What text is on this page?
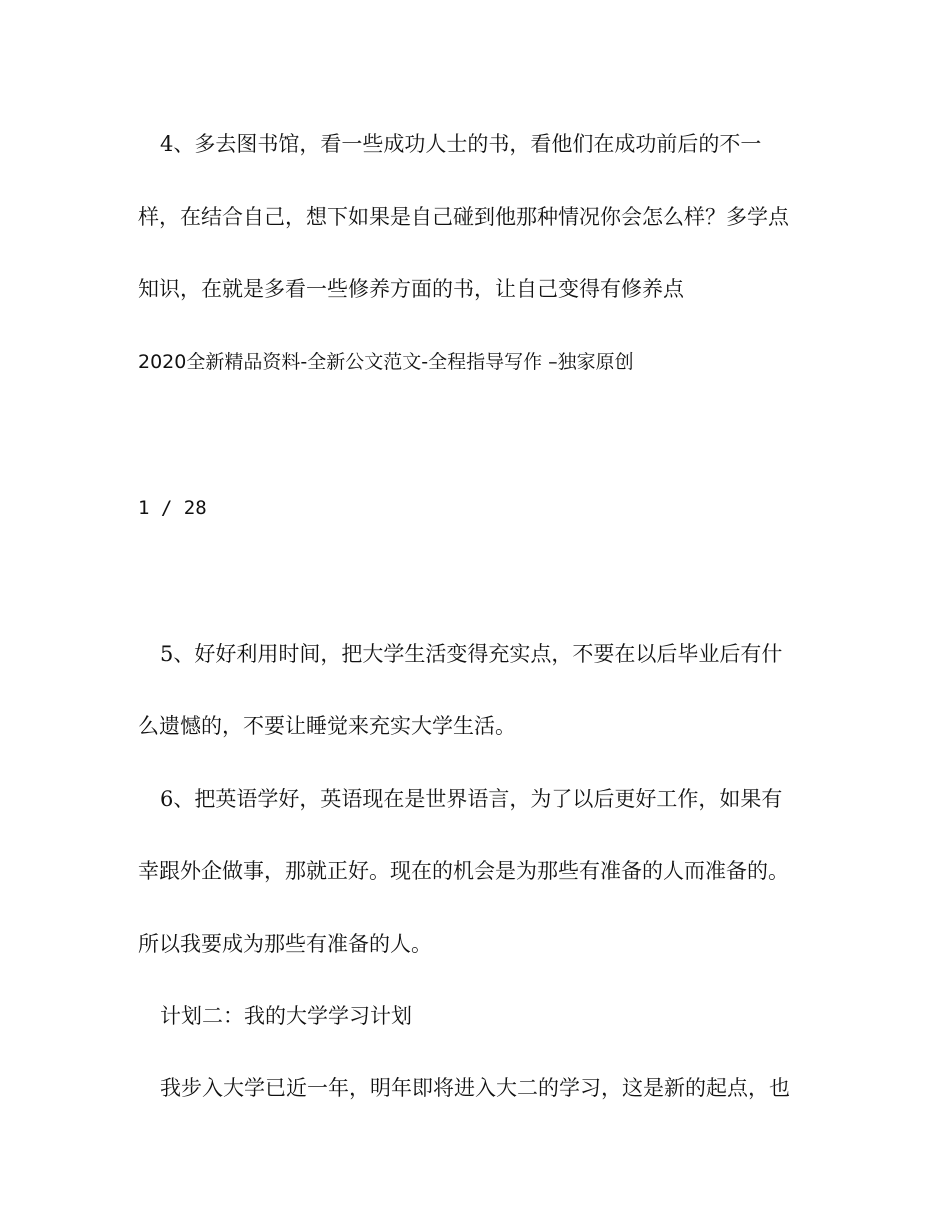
4、多去图书馆，看一些成功人士的书，看他们在成功前后的不一

样，在结合自己，想下如果是自己碰到他那种情况你会怎么样？多学点

知识，在就是多看一些修养方面的书，让自己变得有修养点

2020全新精品资料-全新公文范文-全程指导写作 –独家原创

1 / 28

5、好好利用时间，把大学生活变得充实点，不要在以后毕业后有什

么遗憾的，不要让睡觉来充实大学生活。

6、把英语学好，英语现在是世界语言，为了以后更好工作，如果有

幸跟外企做事，那就正好。现在的机会是为那些有准备的人而准备的。

所以我要成为那些有准备的人。

计划二：我的大学学习计划

我步入大学已近一年，明年即将进入大二的学习，这是新的起点，也
